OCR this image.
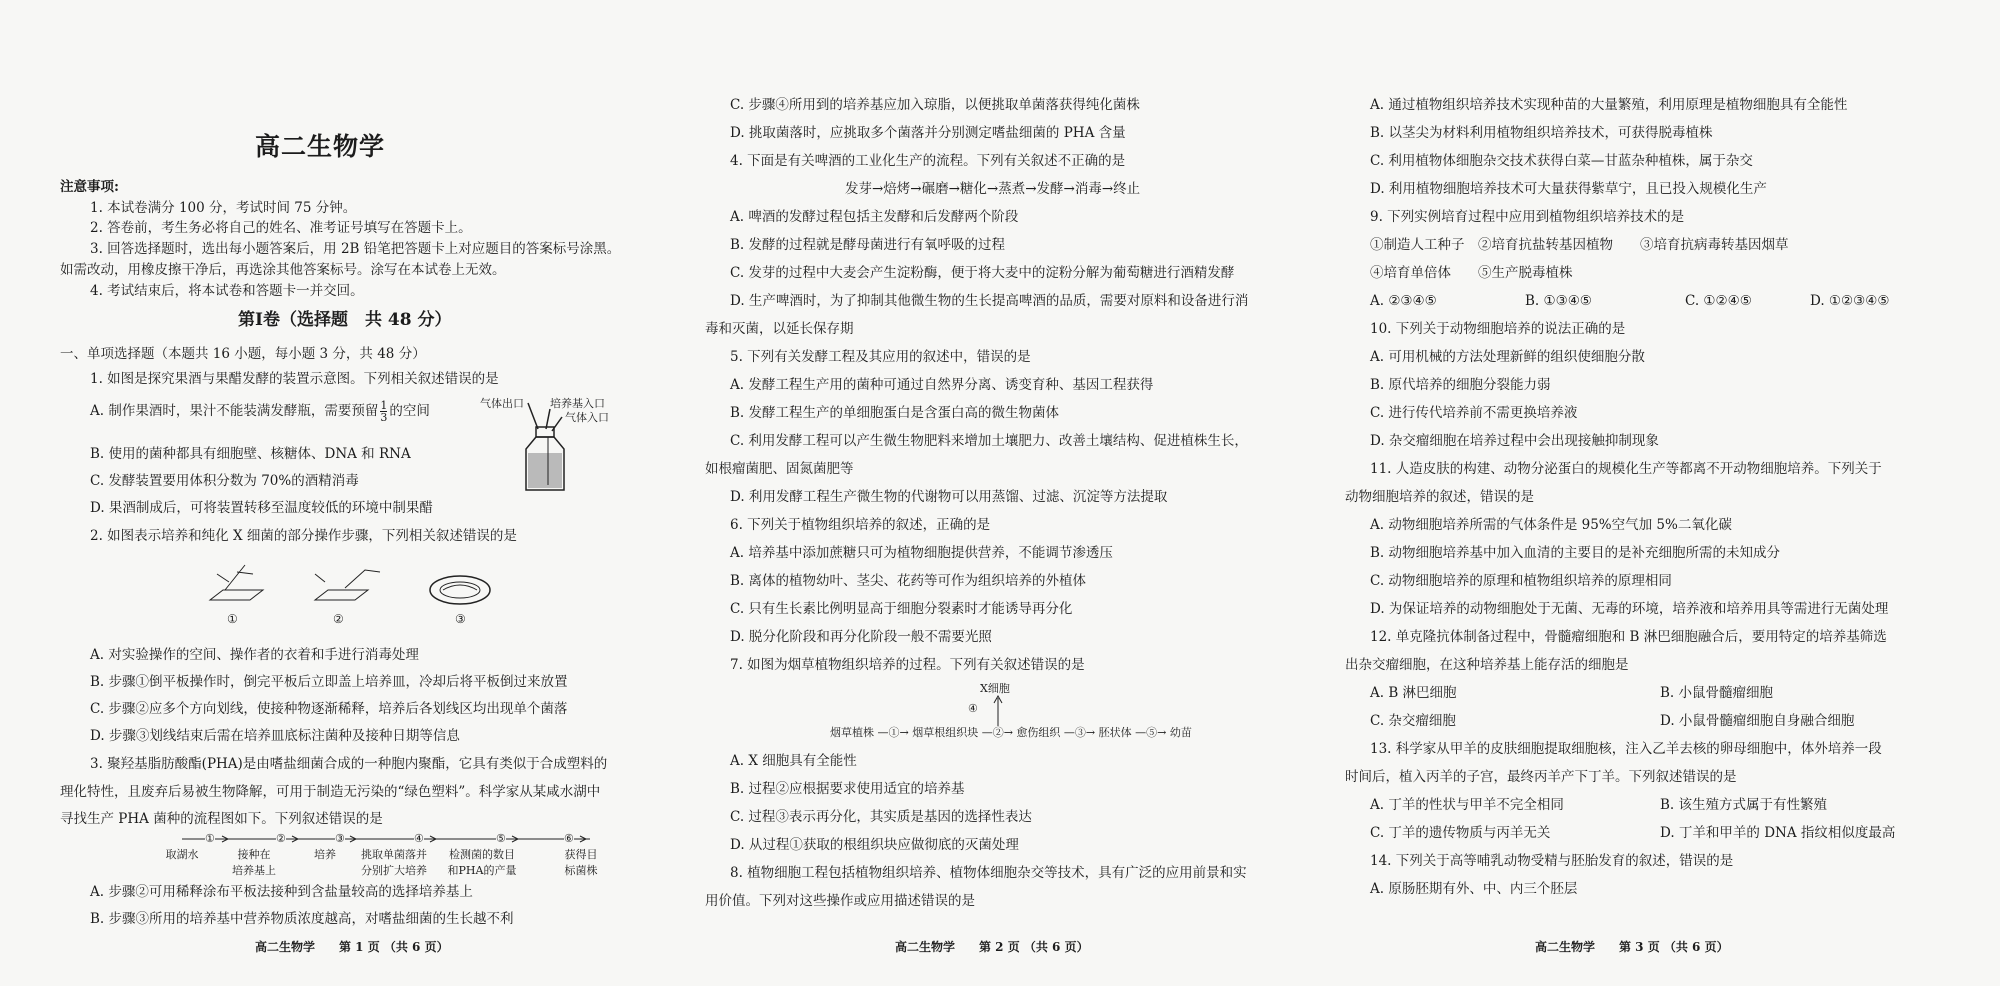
高二生物学
注意事项:
1. 本试卷满分 100 分，考试时间 75 分钟。
2. 答卷前，考生务必将自己的姓名、准考证号填写在答题卡上。
3. 回答选择题时，选出每小题答案后，用 2B 铅笔把答题卡上对应题目的答案标号涂黑。
如需改动，用橡皮擦干净后，再选涂其他答案标号。涂写在本试卷上无效。
4. 考试结束后，将本试卷和答题卡一并交回。
第Ⅰ卷（选择题　共 48 分）
一、单项选择题（本题共 16 小题，每小题 3 分，共 48 分）
1. 如图是探究果酒与果醋发酵的装置示意图。下列相关叙述错误的是
A. 制作果酒时，果汁不能装满发酵瓶，需要预留 $\frac{1}{3}$ 的空间	气体出口 培养基入口
气体入口
B. 使用的菌种都具有细胞壁、核糖体、DNA 和 RNA
C. 发酵装置要用体积分数为 70%的酒精消毒
D. 果酒制成后，可将装置转移至温度较低的环境中制果醋
2. 如图表示培养和纯化 X 细菌的部分操作步骤，下列相关叙述错误的是
①	②	③
A. 对实验操作的空间、操作者的衣着和手进行消毒处理
B. 步骤①倒平板操作时，倒完平板后立即盖上培养皿，冷却后将平板倒过来放置
C. 步骤②应多个方向划线，使接种物逐渐稀释，培养后各划线区均出现单个菌落
D. 步骤③划线结束后需在培养皿底标注菌种及接种日期等信息
3. 聚羟基脂肪酸酯(PHA)是由嗜盐细菌合成的一种胞内聚酯，它具有类似于合成塑料的
理化特性，且废弃后易被生物降解，可用于制造无污染的“绿色塑料”。科学家从某咸水湖中
寻找生产 PHA 菌种的流程图如下。下列叙述错误的是
①	②	③	④	⑤	⑥
取湖水	接种在
培养基上
培养	挑取单菌落并
分别扩大培养
检测菌的数目
和PHA的产量
获得目
标菌株
A. 步骤②可用稀释涂布平板法接种到含盐量较高的选择培养基上
B. 步骤③所用的培养基中营养物质浓度越高，对嗜盐细菌的生长越不利
高二生物学　　第 1 页 （共 6 页）
C. 步骤④所用到的培养基应加入琼脂，以便挑取单菌落获得纯化菌株
D. 挑取菌落时，应挑取多个菌落并分别测定嗜盐细菌的 PHA 含量
4. 下面是有关啤酒的工业化生产的流程。下列有关叙述不正确的是
发芽→焙烤→碾磨→糖化→蒸煮→发酵→消毒→终止
A. 啤酒的发酵过程包括主发酵和后发酵两个阶段
B. 发酵的过程就是酵母菌进行有氧呼吸的过程
C. 发芽的过程中大麦会产生淀粉酶，便于将大麦中的淀粉分解为葡萄糖进行酒精发酵
D. 生产啤酒时，为了抑制其他微生物的生长提高啤酒的品质，需要对原料和设备进行消
毒和灭菌，以延长保存期
5. 下列有关发酵工程及其应用的叙述中，错误的是
A. 发酵工程生产用的菌种可通过自然界分离、诱变育种、基因工程获得
B. 发酵工程生产的单细胞蛋白是含蛋白高的微生物菌体
C. 利用发酵工程可以产生微生物肥料来增加土壤肥力、改善土壤结构、促进植株生长，
如根瘤菌肥、固氮菌肥等
D. 利用发酵工程生产微生物的代谢物可以用蒸馏、过滤、沉淀等方法提取
6. 下列关于植物组织培养的叙述，正确的是
A. 培养基中添加蔗糖只可为植物细胞提供营养，不能调节渗透压
B. 离体的植物幼叶、茎尖、花药等可作为组织培养的外植体
C. 只有生长素比例明显高于细胞分裂素时才能诱导再分化
D. 脱分化阶段和再分化阶段一般不需要光照
7. 如图为烟草植物组织培养的过程。下列有关叙述错误的是
X细胞
④
烟草植株 —①→ 烟草根组织块 —②→ 愈伤组织 —③→ 胚状体 —⑤→ 幼苗
A. X 细胞具有全能性
B. 过程②应根据要求使用适宜的培养基
C. 过程③表示再分化，其实质是基因的选择性表达
D. 从过程①获取的根组织块应做彻底的灭菌处理
8. 植物细胞工程包括植物组织培养、植物体细胞杂交等技术，具有广泛的应用前景和实
用价值。下列对这些操作或应用描述错误的是
高二生物学　　第 2 页 （共 6 页）
A. 通过植物组织培养技术实现种苗的大量繁殖，利用原理是植物细胞具有全能性
B. 以茎尖为材料利用植物组织培养技术，可获得脱毒植株
C. 利用植物体细胞杂交技术获得白菜—甘蓝杂种植株，属于杂交
D. 利用植物细胞培养技术可大量获得紫草宁，且已投入规模化生产
9. 下列实例培育过程中应用到植物组织培养技术的是
①制造人工种子　②培育抗盐转基因植物　　③培育抗病毒转基因烟草
④培育单倍体　　⑤生产脱毒植株
A. ②③④⑤	B. ①③④⑤	C. ①②④⑤	D. ①②③④⑤
10. 下列关于动物细胞培养的说法正确的是
A. 可用机械的方法处理新鲜的组织使细胞分散
B. 原代培养的细胞分裂能力弱
C. 进行传代培养前不需更换培养液
D. 杂交瘤细胞在培养过程中会出现接触抑制现象
11. 人造皮肤的构建、动物分泌蛋白的规模化生产等都离不开动物细胞培养。下列关于
动物细胞培养的叙述，错误的是
A. 动物细胞培养所需的气体条件是 95%空气加 5%二氧化碳
B. 动物细胞培养基中加入血清的主要目的是补充细胞所需的未知成分
C. 动物细胞培养的原理和植物组织培养的原理相同
D. 为保证培养的动物细胞处于无菌、无毒的环境，培养液和培养用具等需进行无菌处理
12. 单克隆抗体制备过程中，骨髓瘤细胞和 B 淋巴细胞融合后，要用特定的培养基筛选
出杂交瘤细胞，在这种培养基上能存活的细胞是
A. B 淋巴细胞	B. 小鼠骨髓瘤细胞
C. 杂交瘤细胞	D. 小鼠骨髓瘤细胞自身融合细胞
13. 科学家从甲羊的皮肤细胞提取细胞核，注入乙羊去核的卵母细胞中，体外培养一段
时间后，植入丙羊的子宫，最终丙羊产下丁羊。下列叙述错误的是
A. 丁羊的性状与甲羊不完全相同	B. 该生殖方式属于有性繁殖
C. 丁羊的遗传物质与丙羊无关	D. 丁羊和甲羊的 DNA 指纹相似度最高
14. 下列关于高等哺乳动物受精与胚胎发育的叙述，错误的是
A. 原肠胚期有外、中、内三个胚层
高二生物学　　第 3 页 （共 6 页）
